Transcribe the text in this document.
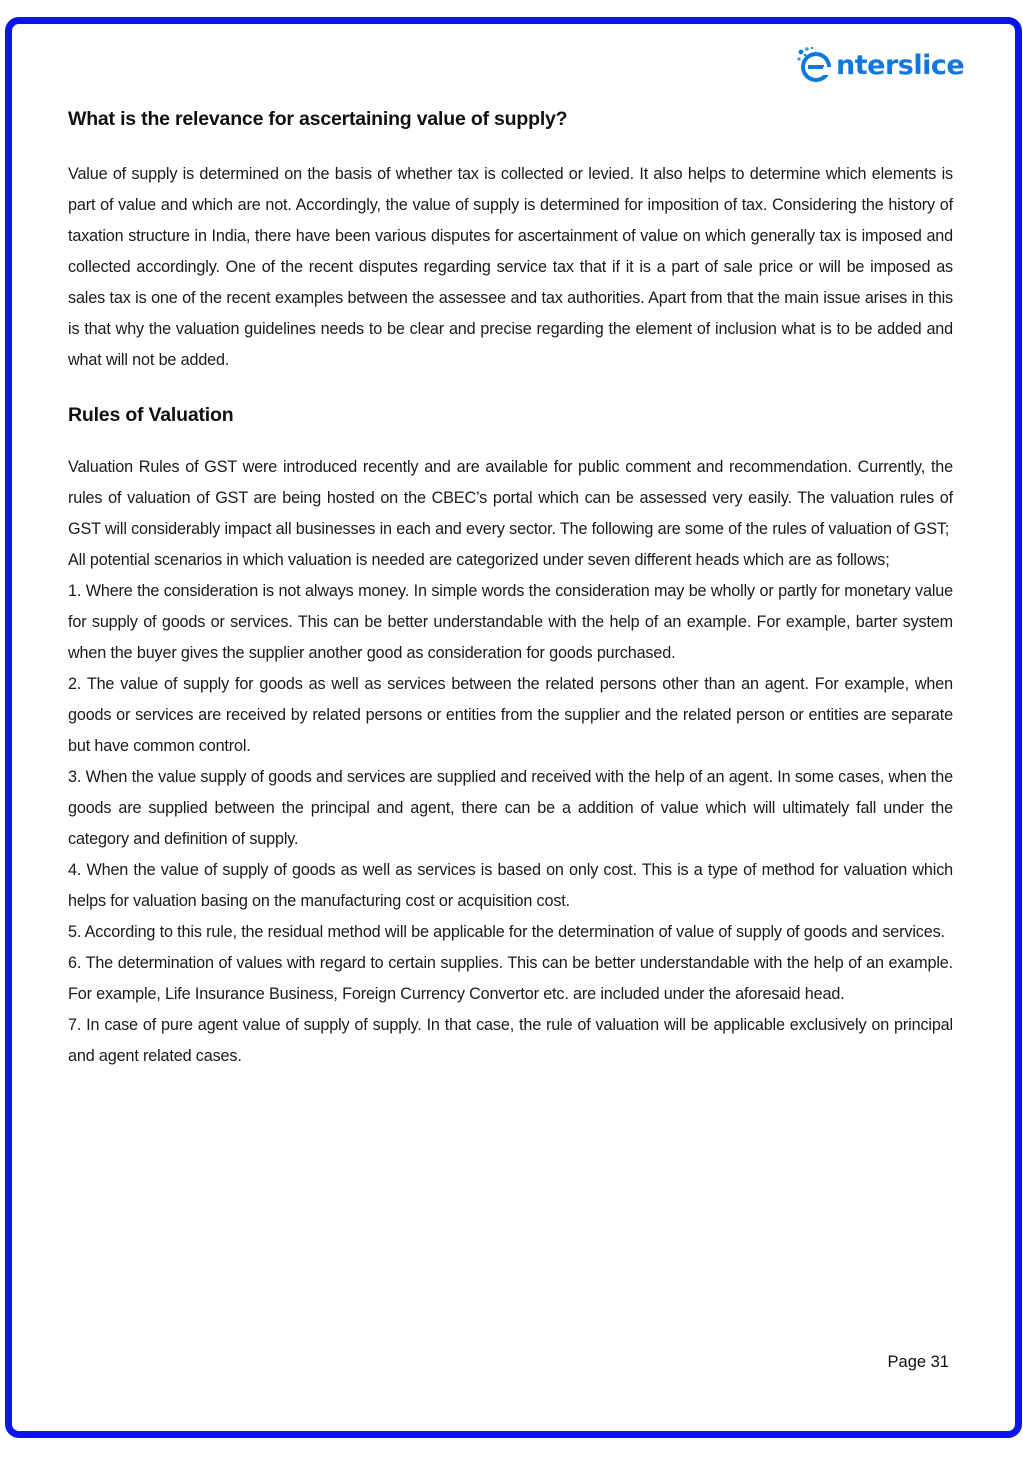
nterslice
What is the relevance for ascertaining value of supply?

Value of supply is determined on the basis of whether tax is collected or levied. It also helps to determine which elements is part of value and which are not. Accordingly, the value of supply is determined for imposition of tax. Considering the history of taxation structure in India, there have been various disputes for ascertainment of value on which generally tax is imposed and collected accordingly. One of the recent disputes regarding service tax that if it is a part of sale price or will be imposed as sales tax is one of the recent examples between the assessee and tax authorities. Apart from that the main issue arises in this is that why the valuation guidelines needs to be clear and precise regarding the element of inclusion what is to be added and what will not be added.

Rules of Valuation
Valuation Rules of GST were introduced recently and are available for public comment and recommendation. Currently, the rules of valuation of GST are being hosted on the CBEC’s portal which can be assessed very easily. The valuation rules of GST will considerably impact all businesses in each and every sector. The following are some of the rules of valuation of GST;
All potential scenarios in which valuation is needed are categorized under seven different heads which are as follows;
1. Where the consideration is not always money. In simple words the consideration may be wholly or partly for monetary value for supply of goods or services. This can be better understandable with the help of an example. For example, barter system when the buyer gives the supplier another good as consideration for goods purchased.
2. The value of supply for goods as well as services between the related persons other than an agent. For example, when goods or services are received by related persons or entities from the supplier and the related person or entities are separate but have common control.
3. When the value supply of goods and services are supplied and received with the help of an agent. In some cases, when the goods are supplied between the principal and agent, there can be a addition of value which will ultimately fall under the category and definition of supply.
4. When the value of supply of goods as well as services is based on only cost. This is a type of method for valuation which helps for valuation basing on the manufacturing cost or acquisition cost.
5. According to this rule, the residual method will be applicable for the determination of value of supply of goods and services.
6. The determination of values with regard to certain supplies. This can be better understandable with the help of an example. For example, Life Insurance Business, Foreign Currency Convertor etc. are included under the aforesaid head.
7. In case of pure agent value of supply of supply. In that case, the rule of valuation will be applicable exclusively on principal and agent related cases.
Page 31
